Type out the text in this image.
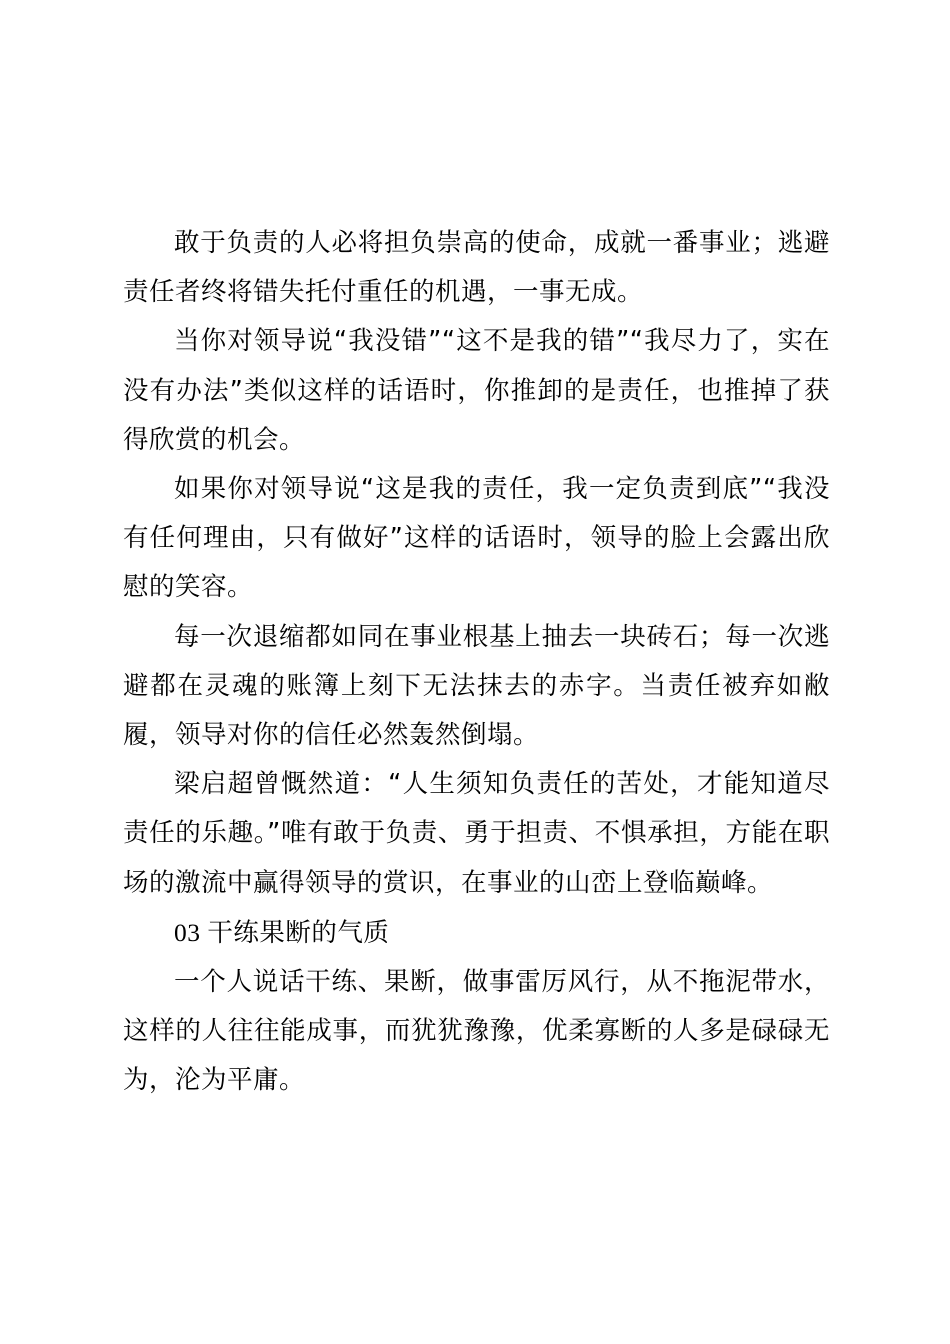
敢于负责的人必将担负崇高的使命，成就一番事业；逃避责任者终将错失托付重任的机遇，一事无成。

当你对领导说“我没错”“这不是我的错”“我尽力了，实在没有办法”类似这样的话语时，你推卸的是责任，也推掉了获得欣赏的机会。

如果你对领导说“这是我的责任，我一定负责到底”“我没有任何理由，只有做好”这样的话语时，领导的脸上会露出欣慰的笑容。

每一次退缩都如同在事业根基上抽去一块砖石；每一次逃避都在灵魂的账簿上刻下无法抹去的赤字。当责任被弃如敝履，领导对你的信任必然轰然倒塌。

梁启超曾慨然道：“人生须知负责任的苦处，才能知道尽责任的乐趣。”唯有敢于负责、勇于担责、不惧承担，方能在职场的激流中赢得领导的赏识，在事业的山峦上登临巅峰。

03 干练果断的气质

一个人说话干练、果断，做事雷厉风行，从不拖泥带水，这样的人往往能成事，而犹犹豫豫，优柔寡断的人多是碌碌无为，沦为平庸。
